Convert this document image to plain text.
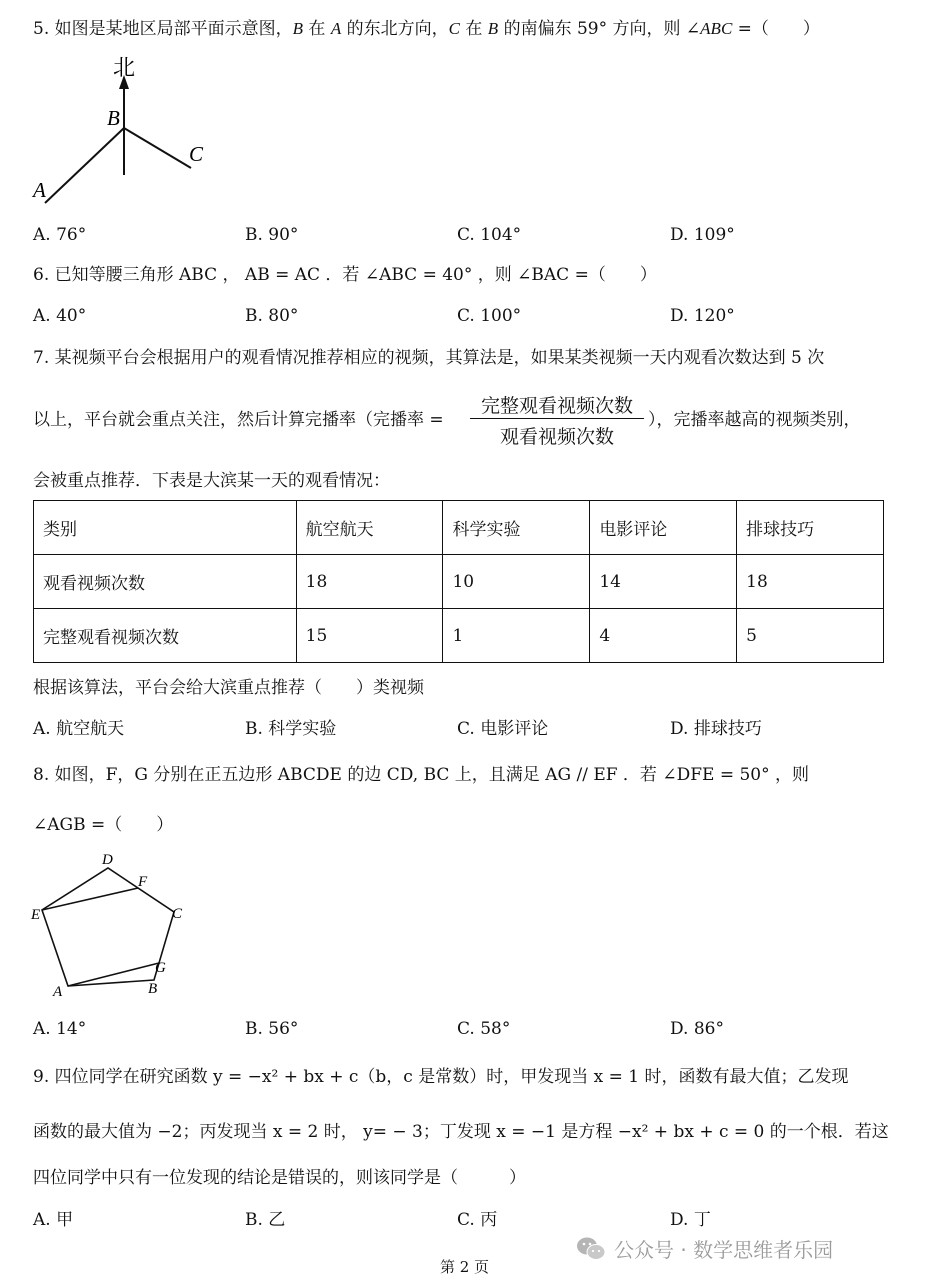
5. 如图是某地区局部平面示意图，B 在 A 的东北方向，C 在 B 的南偏东 59° 方向，则 ∠ABC =（　　）
北
B
C
A
A. 76°	B. 90°	C. 104°	D. 109°
6. 已知等腰三角形 ABC ， AB = AC ．若 ∠ABC = 40° ，则 ∠BAC =（　　）
A. 40°	B. 80°	C. 100°	D. 120°
7. 某视频平台会根据用户的观看情况推荐相应的视频，其算法是，如果某类视频一天内观看次数达到 5 次
以上，平台就会重点关注，然后计算完播率（完播率 =
完整观看视频次数
观看视频次数
），完播率越高的视频类别，
会被重点推荐．下表是大滨某一天的观看情况：
类别	航空航天	科学实验	电影评论	排球技巧
观看视频次数	18	10	14	18
完整观看视频次数	15	1	4	5
根据该算法，平台会给大滨重点推荐（　　）类视频
A. 航空航天	B. 科学实验	C. 电影评论	D. 排球技巧
8. 如图，F，G 分别在正五边形 ABCDE 的边 CD, BC 上，且满足 AG // EF ．若 ∠DFE = 50° ，则
∠AGB =（　　）
D
F
C
E
G
A	B
A. 14°	B. 56°	C. 58°	D. 86°
9. 四位同学在研究函数 y = −x² + bx + c（b，c 是常数）时，甲发现当 x = 1 时，函数有最大值；乙发现
函数的最大值为 −2；丙发现当 x = 2 时， y= − 3；丁发现 x = −1 是方程 −x² + bx + c = 0 的一个根．若这
四位同学中只有一位发现的结论是错误的，则该同学是（　　　）
A. 甲	B. 乙	C. 丙	D. 丁
公众号 · 数学思维者乐园
第 2 页
